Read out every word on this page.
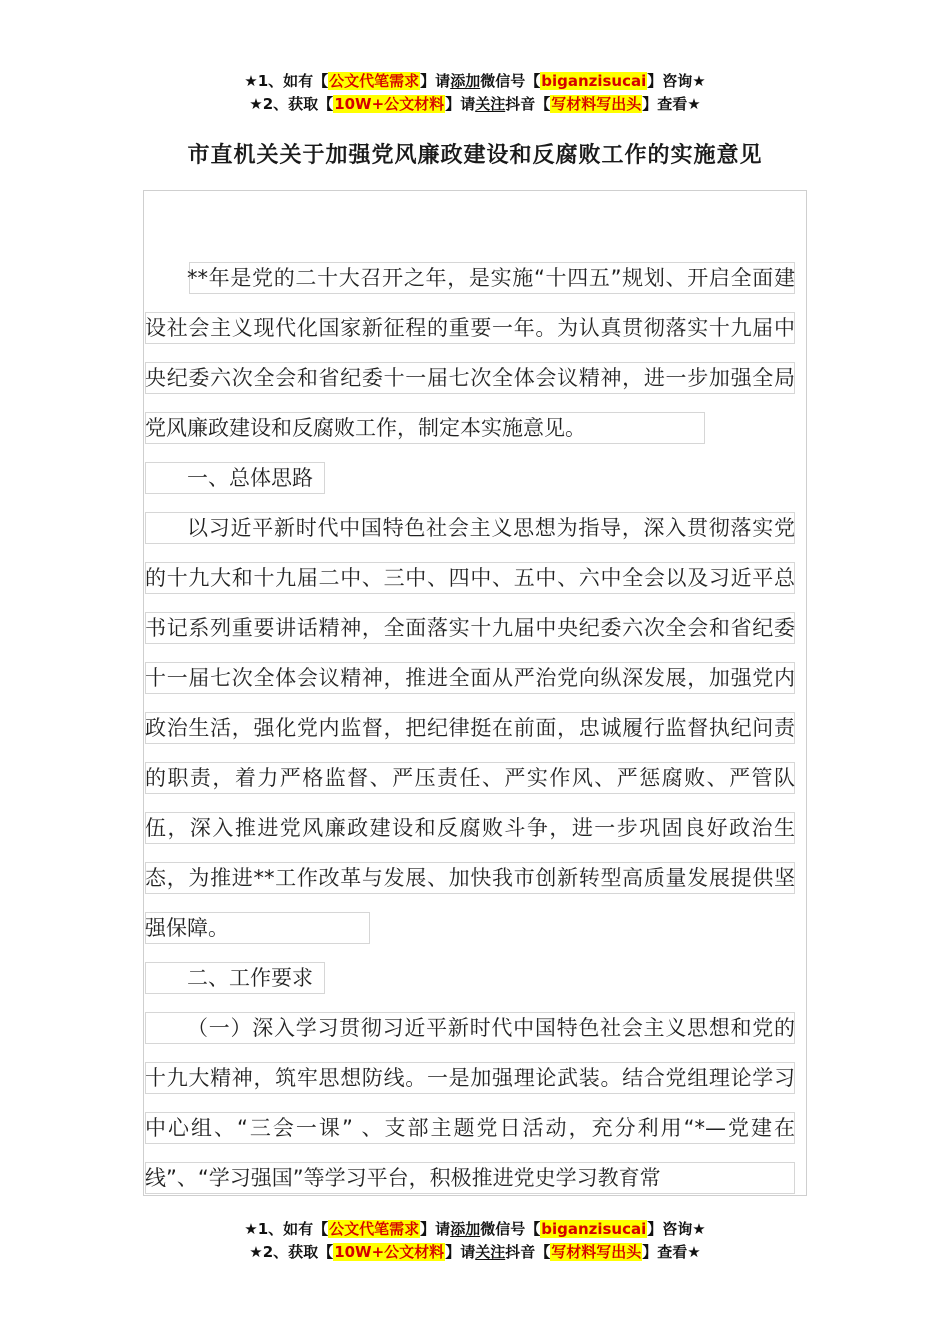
★1、如有【公文代笔需求】请添加微信号【biganzisucai】咨询★
★2、获取【10W+公文材料】请关注抖音【写材料写出头】查看★
市直机关关于加强党风廉政建设和反腐败工作的实施意见

**年是党的二十大召开之年，是实施“十四五”规划、开启全面建设社会主义现代化国家新征程的重要一年。为认真贯彻落实十九届中央纪委六次全会和省纪委十一届七次全体会议精神，进一步加强全局党风廉政建设和反腐败工作，制定本实施意见。

一、总体思路

以习近平新时代中国特色社会主义思想为指导，深入贯彻落实党的十九大和十九届二中、三中、四中、五中、六中全会以及习近平总书记系列重要讲话精神，全面落实十九届中央纪委六次全会和省纪委十一届七次全体会议精神，推进全面从严治党向纵深发展，加强党内政治生活，强化党内监督，把纪律挺在前面，忠诚履行监督执纪问责的职责，着力严格监督、严压责任、严实作风、严惩腐败、严管队伍，深入推进党风廉政建设和反腐败斗争，进一步巩固良好政治生态，为推进**工作改革与发展、加快我市创新转型高质量发展提供坚强保障。

二、工作要求

（一）深入学习贯彻习近平新时代中国特色社会主义思想和党的十九大精神，筑牢思想防线。一是加强理论武装。结合党组理论学习中心组、“三会一课” 、支部主题党日活动，充分利用“*—党建在线”、“学习强国”等学习平台，积极推进党史学习教育常

★1、如有【公文代笔需求】请添加微信号【biganzisucai】咨询★
★2、获取【10W+公文材料】请关注抖音【写材料写出头】查看★
